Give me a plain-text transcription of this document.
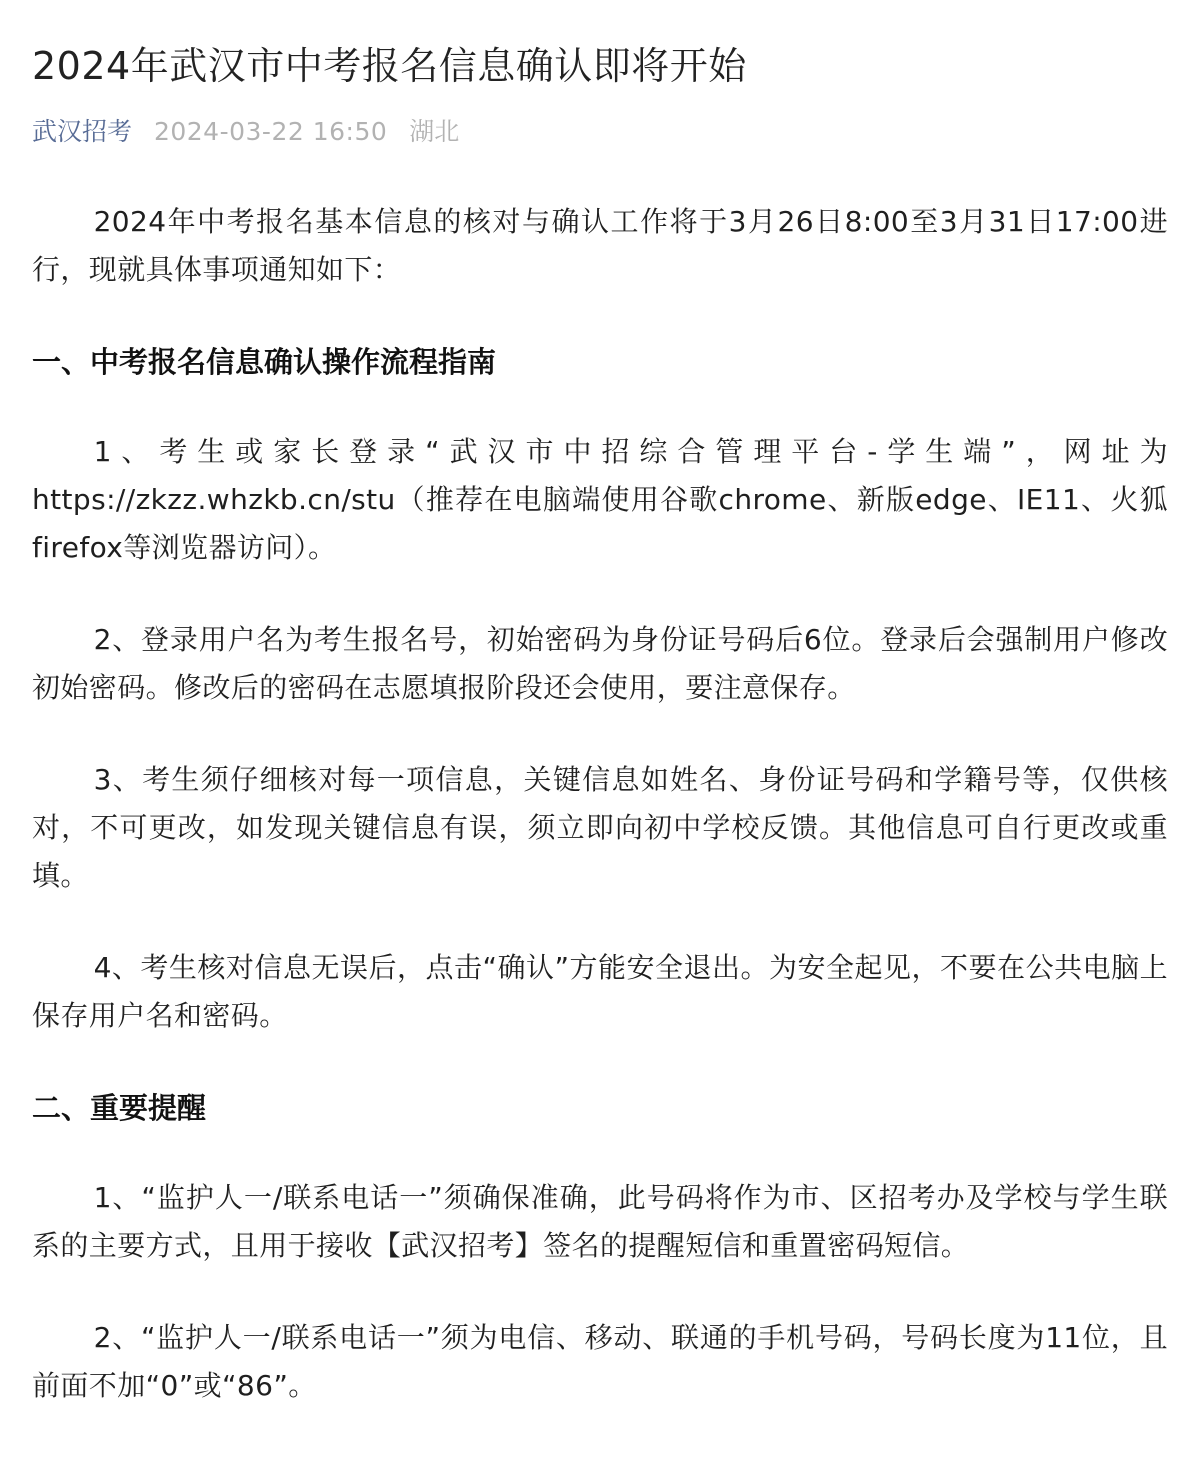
2024年武汉市中考报名信息确认即将开始
武汉招考 2024-03-22 16:50 湖北

2024年中考报名基本信息的核对与确认工作将于3月26日8:00至3月31日17:00进行，现就具体事项通知如下：

一、中考报名信息确认操作流程指南

1、考生或家长登录“武汉市中招综合管理平台-学生端”，网址为https://zkzz.whzkb.cn/stu（推荐在电脑端使用谷歌chrome、新版edge、IE11、火狐firefox等浏览器访问）。

2、登录用户名为考生报名号，初始密码为身份证号码后6位。登录后会强制用户修改初始密码。修改后的密码在志愿填报阶段还会使用，要注意保存。

3、考生须仔细核对每一项信息，关键信息如姓名、身份证号码和学籍号等，仅供核对，不可更改，如发现关键信息有误，须立即向初中学校反馈。其他信息可自行更改或重填。

4、考生核对信息无误后，点击“确认”方能安全退出。为安全起见，不要在公共电脑上保存用户名和密码。

二、重要提醒

1、“监护人一/联系电话一”须确保准确，此号码将作为市、区招考办及学校与学生联系的主要方式，且用于接收【武汉招考】签名的提醒短信和重置密码短信。

2、“监护人一/联系电话一”须为电信、移动、联通的手机号码，号码长度为11位，且前面不加“0”或“86”。
